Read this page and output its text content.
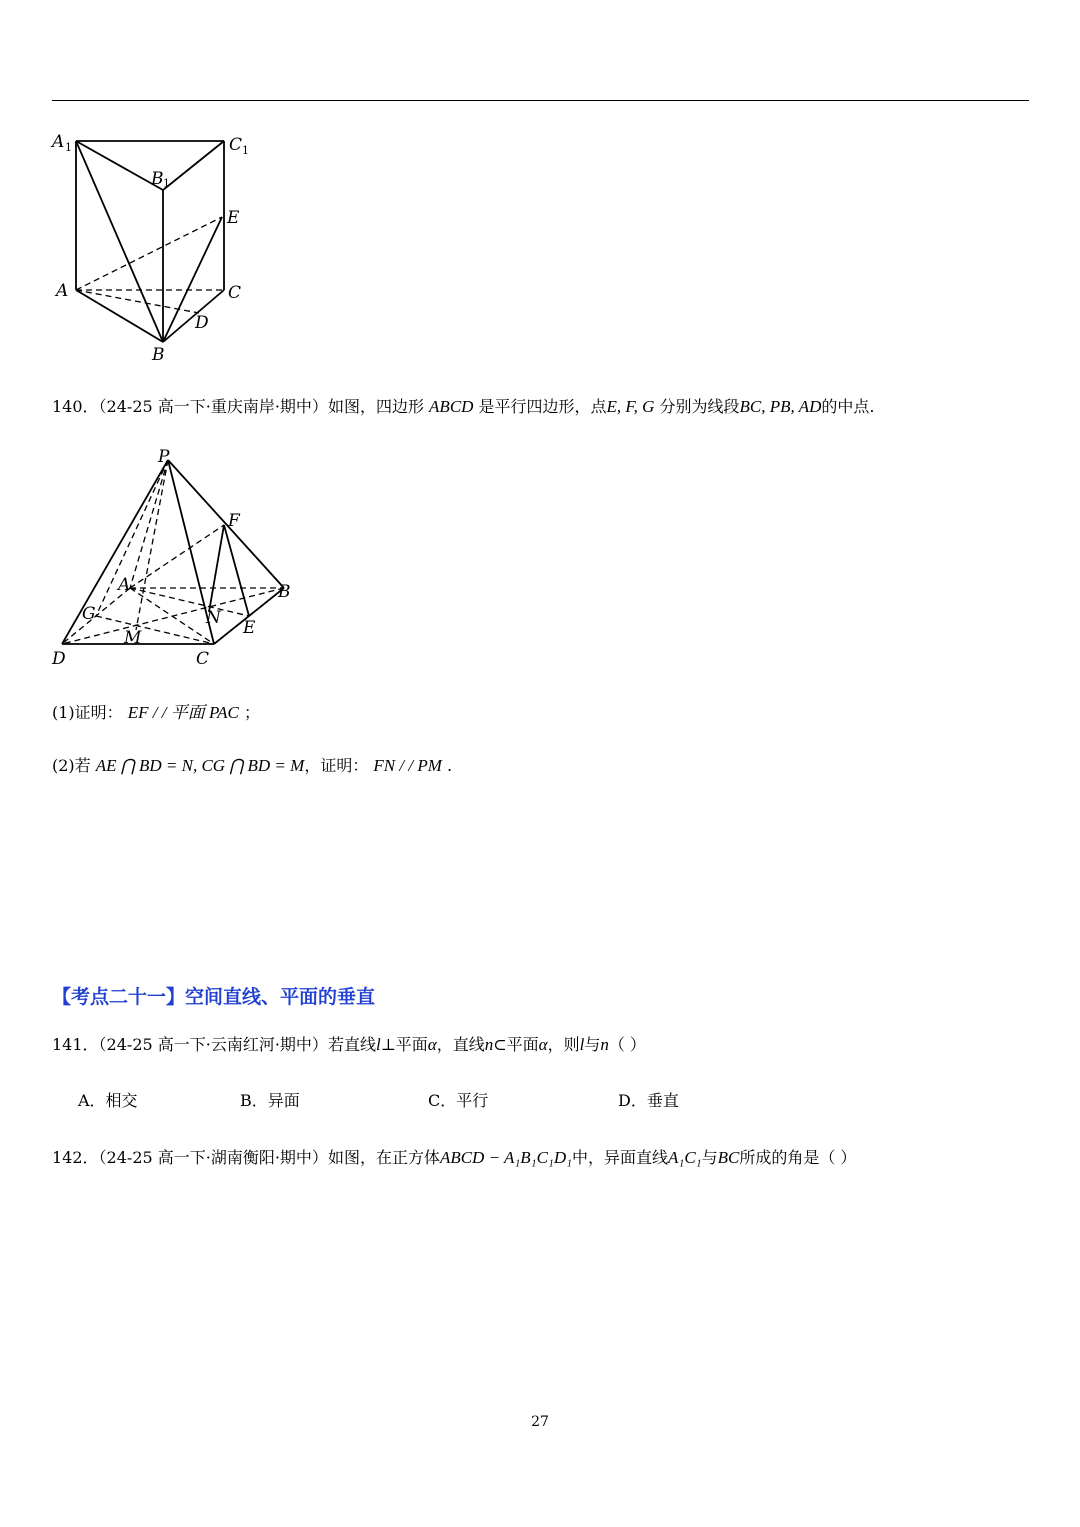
A 1	C 1
B 1
E
A	C
D
B
140．（24-25 高一下·重庆南岸·期中）如图，四边形 ABCD 是平行四边形，点E, F, G 分别为线段BC, PB, AD的中点.
P
F
A	B
G	N E
M
D	C
(1)证明： EF / / 平面 PAC ；
(2)若 AE ⋂ BD = N, CG ⋂ BD = M，证明： FN / / PM .
【考点二十一】空间直线、平面的垂直
141．（24-25 高一下·云南红河·期中）若直线l⊥平面α，直线n⊂平面α，则l与n（ ）
A．相交	B．异面	C．平行	D．垂直
142．（24-25 高一下·湖南衡阳·期中）如图，在正方体ABCD − A₁B₁C₁D₁中，异面直线A₁C₁与BC所成的角是（ ）
27
